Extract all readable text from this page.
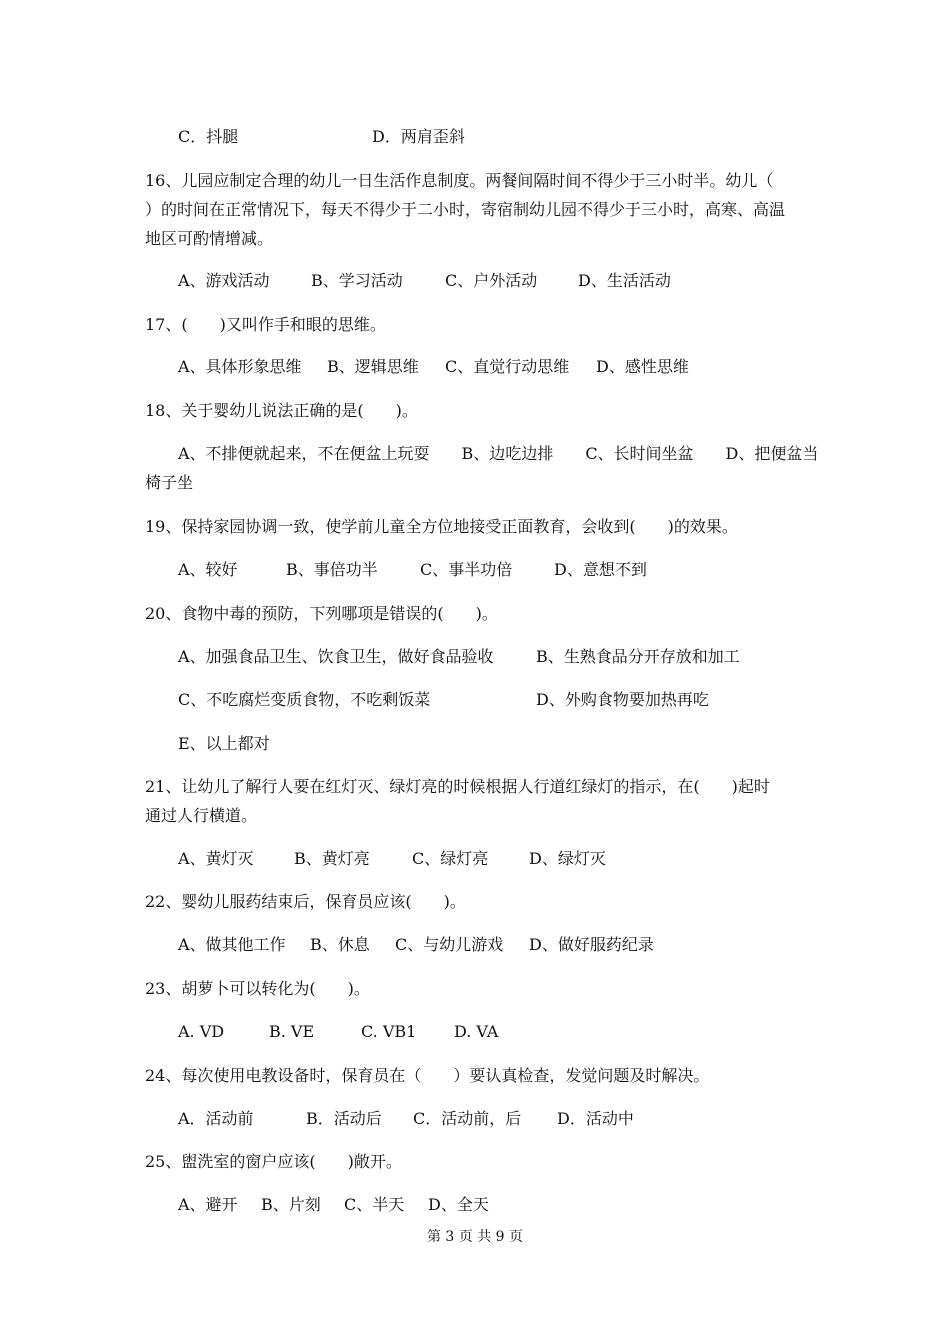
C．抖腿	D．两肩歪斜
16、儿园应制定合理的幼儿一日生活作息制度。两餐间隔时间不得少于三小时半。幼儿（
）的时间在正常情况下，每天不得少于二小时，寄宿制幼儿园不得少于三小时，高寒、高温
地区可酌情增减。
A、游戏活动	B、学习活动	C、户外活动	D、生活活动
17、(　　)又叫作手和眼的思维。
A、具体形象思维 B、逻辑思维 C、直觉行动思维 D、感性思维
18、关于婴幼儿说法正确的是(　　)。
A、不排便就起来，不在便盆上玩耍　　B、边吃边排　　C、长时间坐盆　　D、把便盆当
椅子坐
19、保持家园协调一致，使学前儿童全方位地接受正面教育，会收到(　　)的效果。
A、较好	B、事倍功半	C、事半功倍	D、意想不到
20、食物中毒的预防，下列哪项是错误的(　　)。
A、加强食品卫生、饮食卫生，做好食品验收	B、生熟食品分开存放和加工
C、不吃腐烂变质食物，不吃剩饭菜	D、外购食物要加热再吃
E、以上都对
21、让幼儿了解行人要在红灯灭、绿灯亮的时候根据人行道红绿灯的指示，在(　　)起时
通过人行横道。
A、黄灯灭	B、黄灯亮	C、绿灯亮	D、绿灯灭
22、婴幼儿服药结束后，保育员应该(　　)。
A、做其他工作 B、休息 C、与幼儿游戏 D、做好服药纪录
23、胡萝卜可以转化为(　　)。
A. VD	B. VE	C. VB1 D. VA
24、每次使用电教设备时，保育员在（　　）要认真检查，发觉问题及时解决。
A．活动前	B．活动后 C．活动前，后 D．活动中
25、盥洗室的窗户应该(　　)敞开。
A、避开 B、片刻 C、半天 D、全天
第 3 页 共 9 页
